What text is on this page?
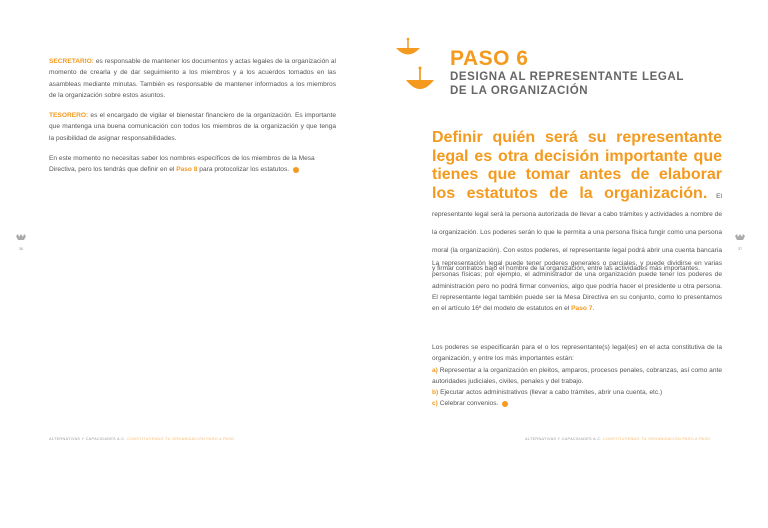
SECRETARIO: es responsable de mantener los documentos y actas legales de la organización al momento de crearla y de dar seguimiento a los miembros y a los acuerdos tomados en las asambleas mediante minutas. También es responsable de mantener informados a los miembros de la organización sobre estos asuntos.

TESORERO: es el encargado de vigilar el bienestar financiero de la organización. Es importante que mantenga una buena comunicación con todos los miembros de la organización y que tenga la posibilidad de asignar responsabilidades.

En este momento no necesitas saber los nombres específicos de los miembros de la Mesa Directiva, pero los tendrás que definir en el Paso 8 para protocolizar los estatutos.

36
ALTERNATIVAS Y CAPACIDADES A.C. CONSTITUYENDO TU ORGANIZACIÓN PASO A PASO
PASO 6
DESIGNA AL REPRESENTANTE LEGAL
DE LA ORGANIZACIÓN
Definir quién será su representante legal es otra decisión importante que tienes que tomar antes de elaborar los estatutos de la organización. El representante legal será la persona autorizada de llevar a cabo trámites y actividades a nombre de la organización. Los poderes serán lo que le permita a una persona física fungir como una persona moral (la organización). Con estos poderes, el representante legal podrá abrir una cuenta bancaria y firmar contratos bajo el nombre de la organización, entre las actividades más importantes.
La representación legal puede tener poderes generales o parciales, y puede dividirse en varias personas físicas; por ejemplo, el administrador de una organización puede tener los poderes de administración pero no podrá firmar convenios, algo que podría hacer el presidente u otra persona. El representante legal también puede ser la Mesa Directiva en su conjunto, como lo presentamos en el artículo 16º del modelo de estatutos en el Paso 7.

Los poderes se especificarán para el o los representante(s) legal(es) en el acta constitutiva de la organización, y entre los más importantes están:

a) Representar a la organización en pleitos, amparos, procesos penales, cobranzas, así como ante autoridades judiciales, civiles, penales y del trabajo.

b) Ejecutar actos administrativos (llevar a cabo trámites, abrir una cuenta, etc.)

c) Celebrar convenios.

37
ALTERNATIVAS Y CAPACIDADES A.C. CONSTITUYENDO TU ORGANIZACIÓN PASO A PASO
